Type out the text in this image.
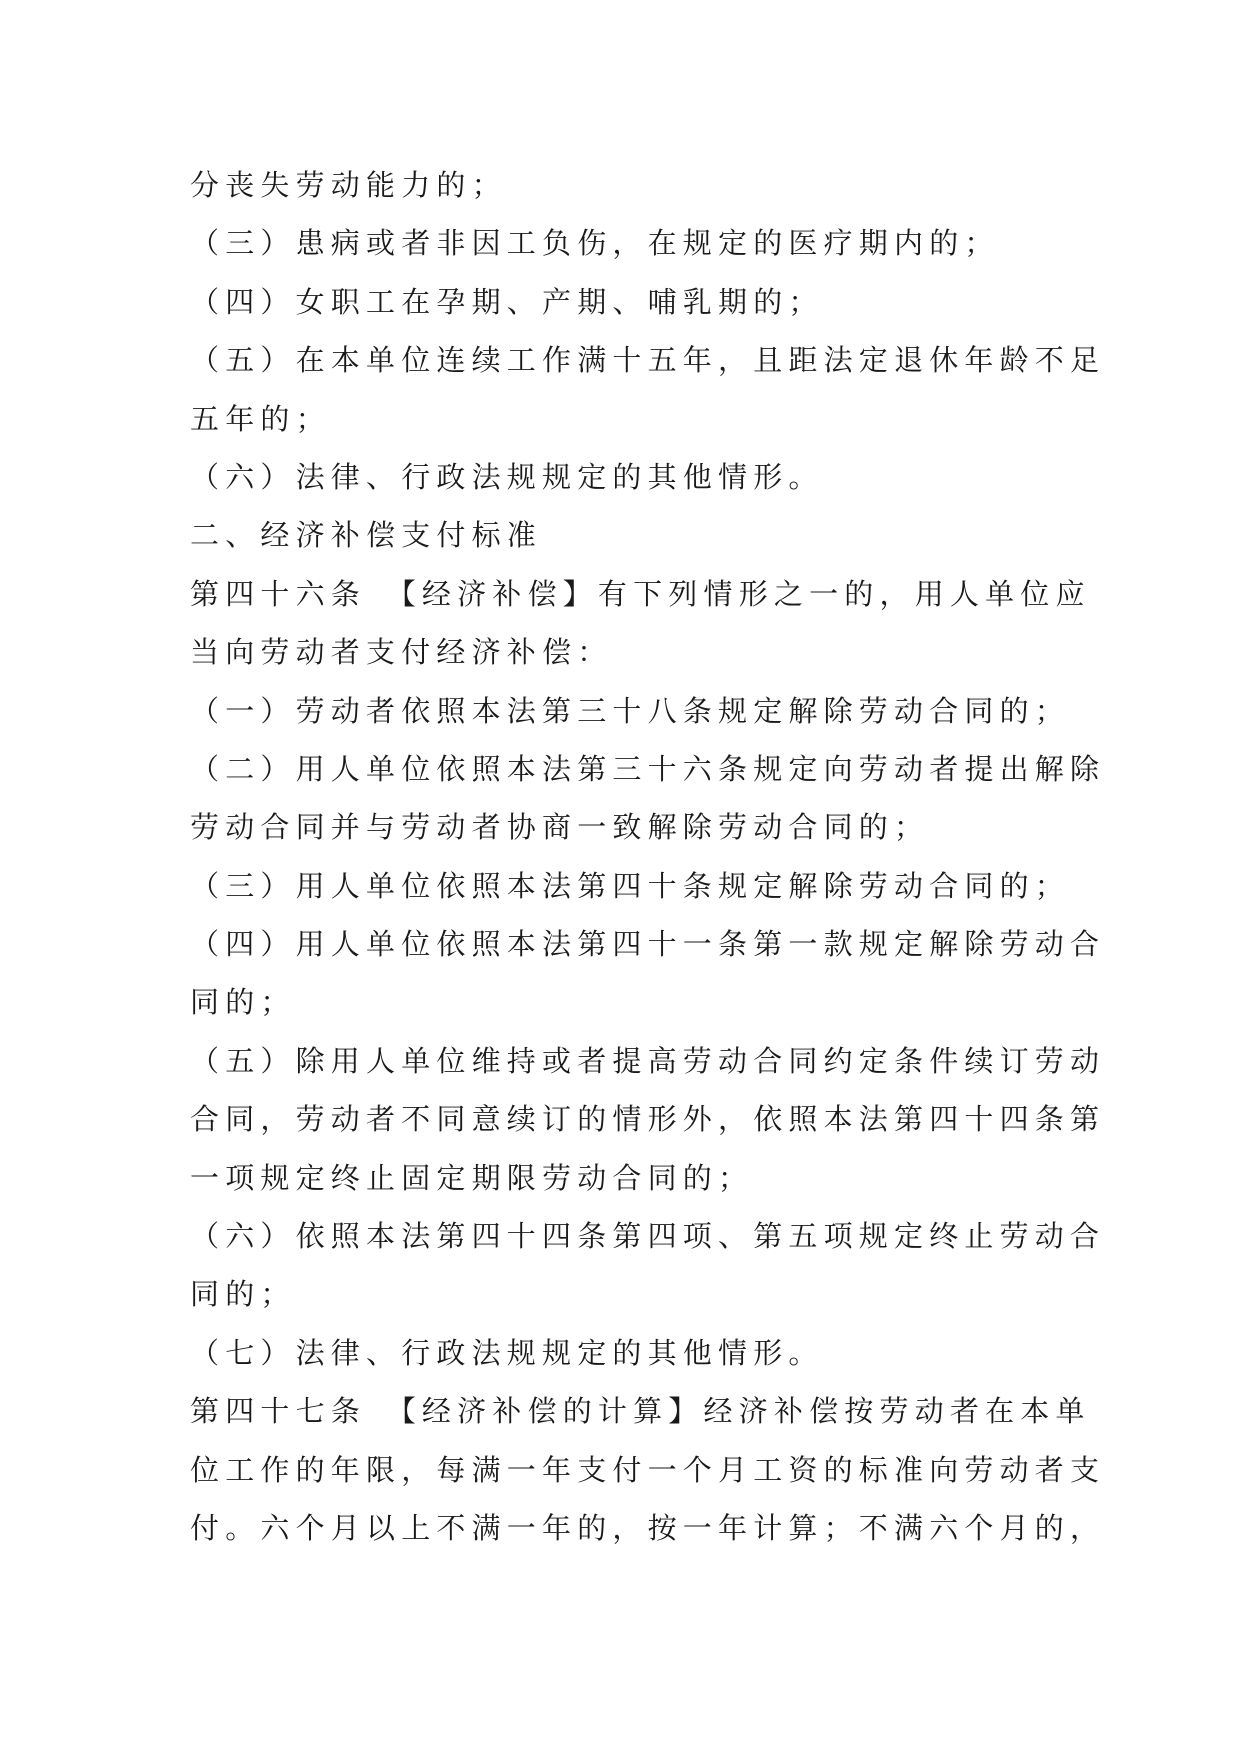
分丧失劳动能力的；
（三）患病或者非因工负伤，在规定的医疗期内的；
（四）女职工在孕期、产期、哺乳期的；
（五）在本单位连续工作满十五年，且距法定退休年龄不足
五年的；
（六）法律、行政法规规定的其他情形。
二、经济补偿支付标准
第四十六条　【经济补偿】有下列情形之一的，用人单位应
当向劳动者支付经济补偿：
（一）劳动者依照本法第三十八条规定解除劳动合同的；
（二）用人单位依照本法第三十六条规定向劳动者提出解除
劳动合同并与劳动者协商一致解除劳动合同的；
（三）用人单位依照本法第四十条规定解除劳动合同的；
（四）用人单位依照本法第四十一条第一款规定解除劳动合
同的；
（五）除用人单位维持或者提高劳动合同约定条件续订劳动
合同，劳动者不同意续订的情形外，依照本法第四十四条第
一项规定终止固定期限劳动合同的；
（六）依照本法第四十四条第四项、第五项规定终止劳动合
同的；
（七）法律、行政法规规定的其他情形。
第四十七条　【经济补偿的计算】经济补偿按劳动者在本单
位工作的年限，每满一年支付一个月工资的标准向劳动者支
付。六个月以上不满一年的，按一年计算；不满六个月的，
